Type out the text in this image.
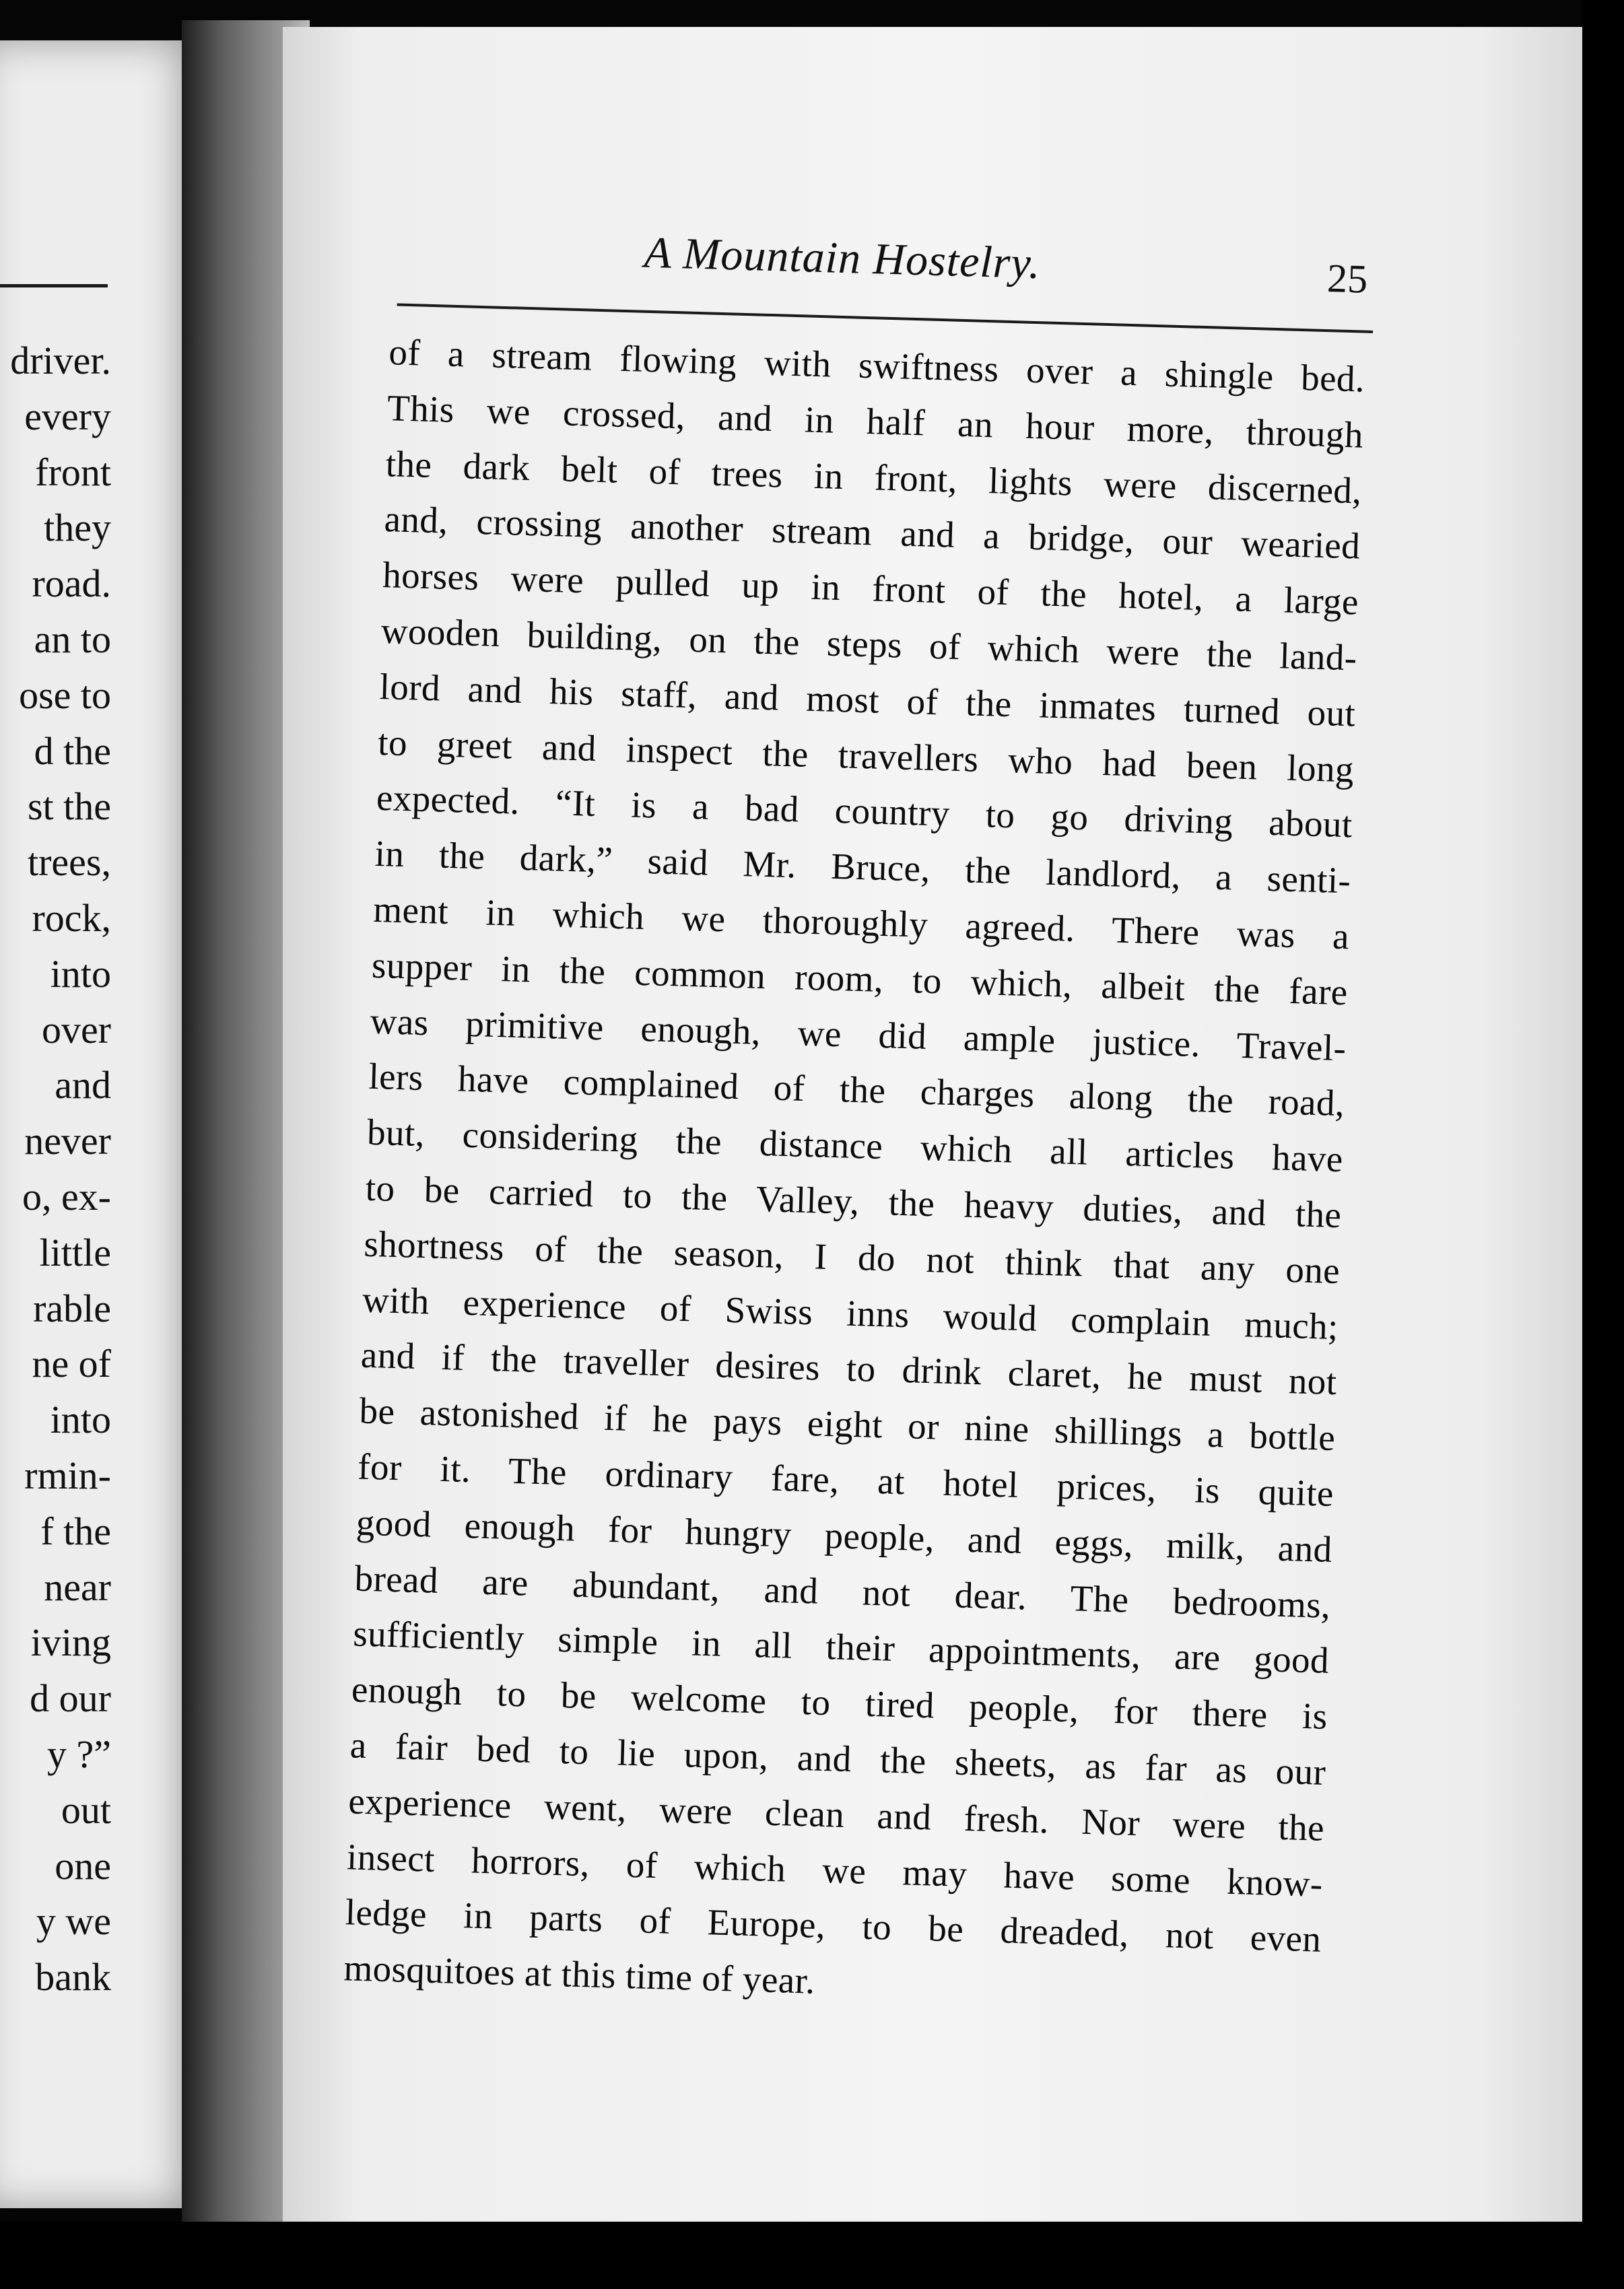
driver.
every
front
they
road.
an to
ose to
d the
st the
trees,
rock,
into
over
and
never
o, ex-
little
rable
ne of
into
rmin-
f the
near
iving
d our
y ?”
out
one
y we
bank
A Mountain Hostelry.	25
of a stream flowing with swiftness over a shingle bed.
This we crossed, and in half an hour more, through
the dark belt of trees in front, lights were discerned,
and, crossing another stream and a bridge, our wearied
horses were pulled up in front of the hotel, a large
wooden building, on the steps of which were the land-
lord and his staff, and most of the inmates turned out
to greet and inspect the travellers who had been long
expected. “It is a bad country to go driving about
in the dark,” said Mr. Bruce, the landlord, a senti-
ment in which we thoroughly agreed. There was a
supper in the common room, to which, albeit the fare
was primitive enough, we did ample justice. Travel-
lers have complained of the charges along the road,
but, considering the distance which all articles have
to be carried to the Valley, the heavy duties, and the
shortness of the season, I do not think that any one
with experience of Swiss inns would complain much;
and if the traveller desires to drink claret, he must not
be astonished if he pays eight or nine shillings a bottle
for it. The ordinary fare, at hotel prices, is quite
good enough for hungry people, and eggs, milk, and
bread are abundant, and not dear. The bedrooms,
sufficiently simple in all their appointments, are good
enough to be welcome to tired people, for there is
a fair bed to lie upon, and the sheets, as far as our
experience went, were clean and fresh. Nor were the
insect horrors, of which we may have some know-
ledge in parts of Europe, to be dreaded, not even
mosquitoes at this time of year.
